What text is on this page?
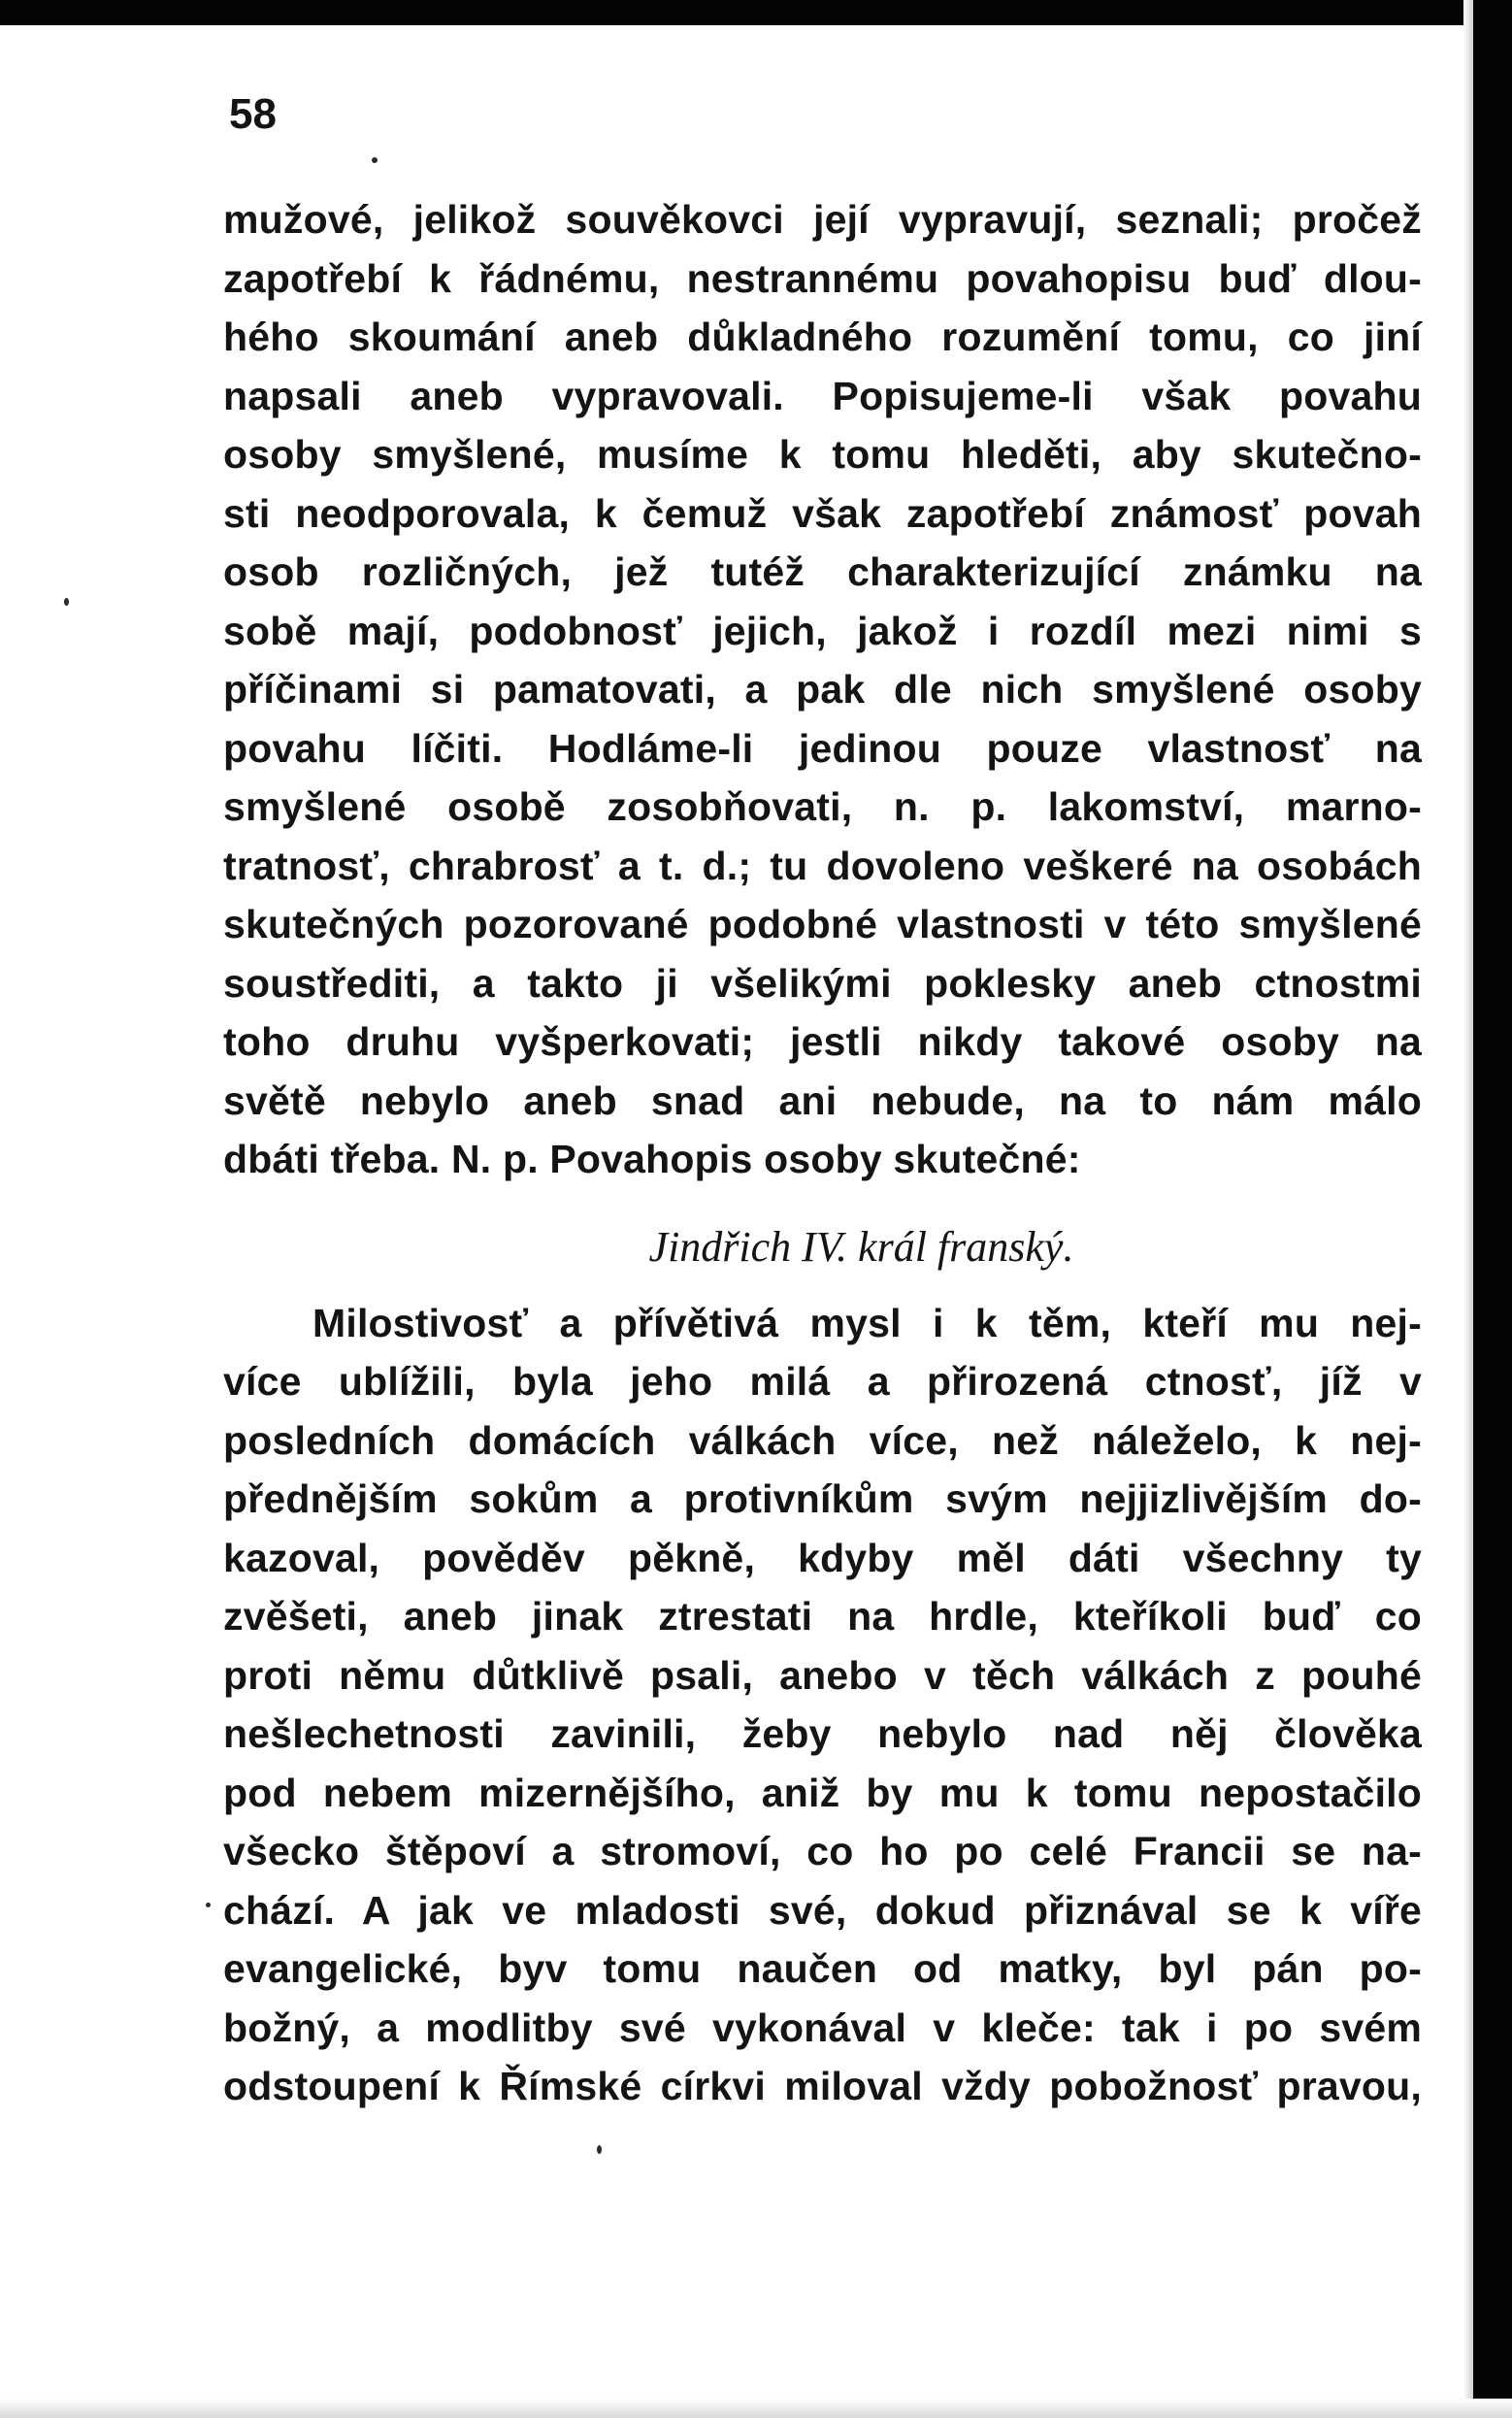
58
mužové, jelikož souvěkovci její vypravují, seznali; pročež
zapotřebí k řádnému, nestrannému povahopisu buď dlou-
hého skoumání aneb důkladného rozumění tomu, co jiní
napsali aneb vypravovali. Popisujeme-li však povahu
osoby smyšlené, musíme k tomu hleděti, aby skutečno-
sti neodporovala, k čemuž však zapotřebí známosť povah
osob rozličných, jež tutéž charakterizující známku na
sobě mají, podobnosť jejich, jakož i rozdíl mezi nimi s
příčinami si pamatovati, a pak dle nich smyšlené osoby
povahu líčiti. Hodláme-li jedinou pouze vlastnosť na
smyšlené osobě zosobňovati, n. p. lakomství, marno-
tratnosť, chrabrosť a t. d.; tu dovoleno veškeré na osobách
skutečných pozorované podobné vlastnosti v této smyšlené
soustřediti, a takto ji všelikými poklesky aneb ctnostmi
toho druhu vyšperkovati; jestli nikdy takové osoby na
světě nebylo aneb snad ani nebude, na to nám málo
dbáti třeba. N. p. Povahopis osoby skutečné:
Jindřich IV. král franský.
Milostivosť a přívětivá mysl i k těm, kteří mu nej-
více ublížili, byla jeho milá a přirozená ctnosť, jíž v
posledních domácích válkách více, než náleželo, k nej-
přednějším sokům a protivníkům svým nejjizlivějším do-
kazoval, pověděv pěkně, kdyby měl dáti všechny ty
zvěšeti, aneb jinak ztrestati na hrdle, kteříkoli buď co
proti němu důtklivě psali, anebo v těch válkách z pouhé
nešlechetnosti zavinili, žeby nebylo nad něj člověka
pod nebem mizernějšího, aniž by mu k tomu nepostačilo
všecko štěpoví a stromoví, co ho po celé Francii se na-
chází. A jak ve mladosti své, dokud přiznával se k víře
evangelické, byv tomu naučen od matky, byl pán po-
božný, a modlitby své vykonával v kleče: tak i po svém
odstoupení k Římské církvi miloval vždy pobožnosť pravou,
